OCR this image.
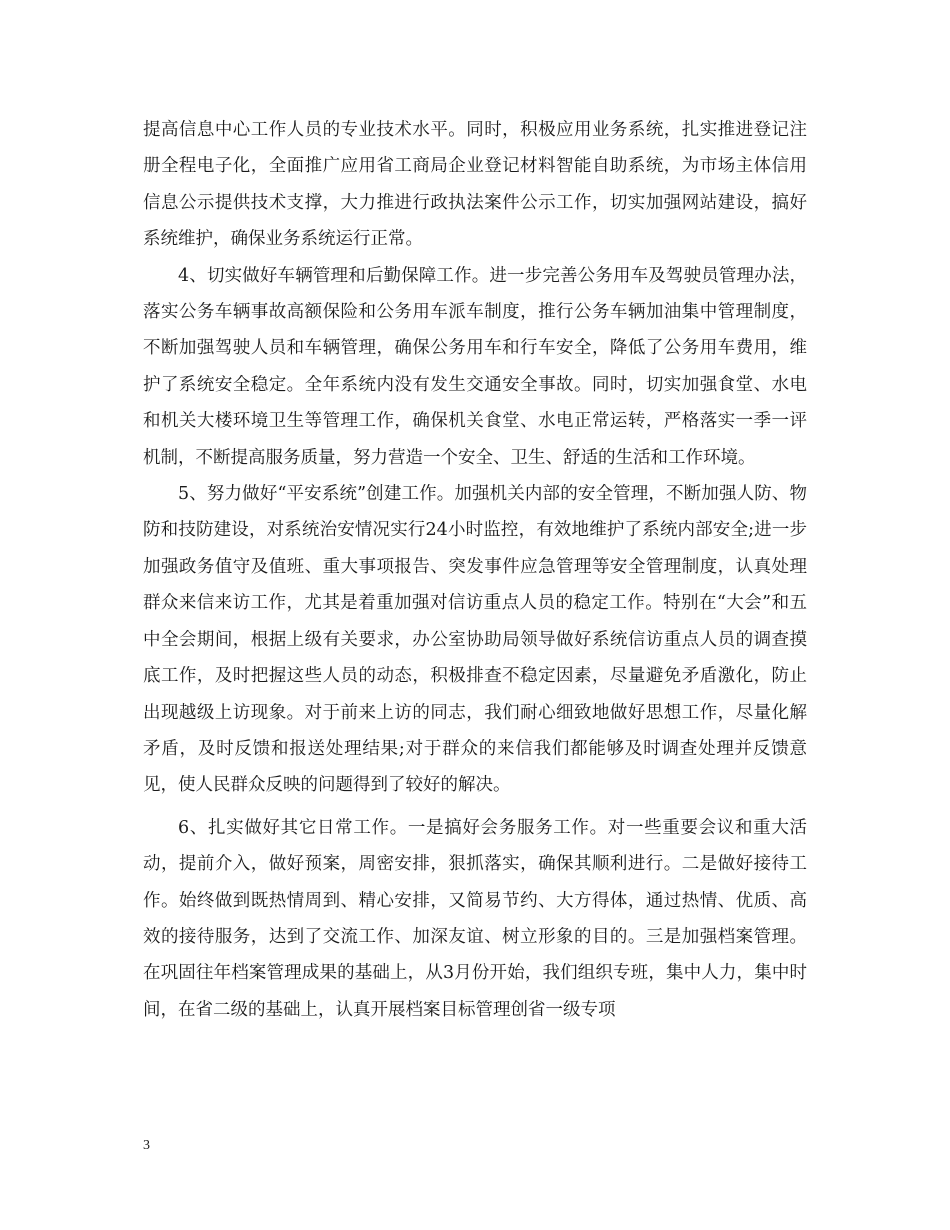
提高信息中心工作人员的专业技术水平。同时，积极应用业务系统，扎实推进登记注册全程电子化，全面推广应用省工商局企业登记材料智能自助系统，为市场主体信用信息公示提供技术支撑，大力推进行政执法案件公示工作，切实加强网站建设，搞好系统维护，确保业务系统运行正常。

4、切实做好车辆管理和后勤保障工作。进一步完善公务用车及驾驶员管理办法，落实公务车辆事故高额保险和公务用车派车制度，推行公务车辆加油集中管理制度，不断加强驾驶人员和车辆管理，确保公务用车和行车安全，降低了公务用车费用，维护了系统安全稳定。全年系统内没有发生交通安全事故。同时，切实加强食堂、水电和机关大楼环境卫生等管理工作，确保机关食堂、水电正常运转，严格落实一季一评机制，不断提高服务质量，努力营造一个安全、卫生、舒适的生活和工作环境。

5、努力做好“平安系统”创建工作。加强机关内部的安全管理，不断加强人防、物防和技防建设，对系统治安情况实行24小时监控，有效地维护了系统内部安全;进一步加强政务值守及值班、重大事项报告、突发事件应急管理等安全管理制度，认真处理群众来信来访工作，尤其是着重加强对信访重点人员的稳定工作。特别在“大会”和五中全会期间，根据上级有关要求，办公室协助局领导做好系统信访重点人员的调查摸底工作，及时把握这些人员的动态，积极排查不稳定因素，尽量避免矛盾激化，防止出现越级上访现象。对于前来上访的同志，我们耐心细致地做好思想工作，尽量化解矛盾，及时反馈和报送处理结果;对于群众的来信我们都能够及时调查处理并反馈意见，使人民群众反映的问题得到了较好的解决。

6、扎实做好其它日常工作。一是搞好会务服务工作。对一些重要会议和重大活动，提前介入，做好预案，周密安排，狠抓落实，确保其顺利进行。二是做好接待工作。始终做到既热情周到、精心安排，又简易节约、大方得体，通过热情、优质、高效的接待服务，达到了交流工作、加深友谊、树立形象的目的。三是加强档案管理。在巩固往年档案管理成果的基础上，从3月份开始，我们组织专班，集中人力，集中时间，在省二级的基础上，认真开展档案目标管理创省一级专项

3
